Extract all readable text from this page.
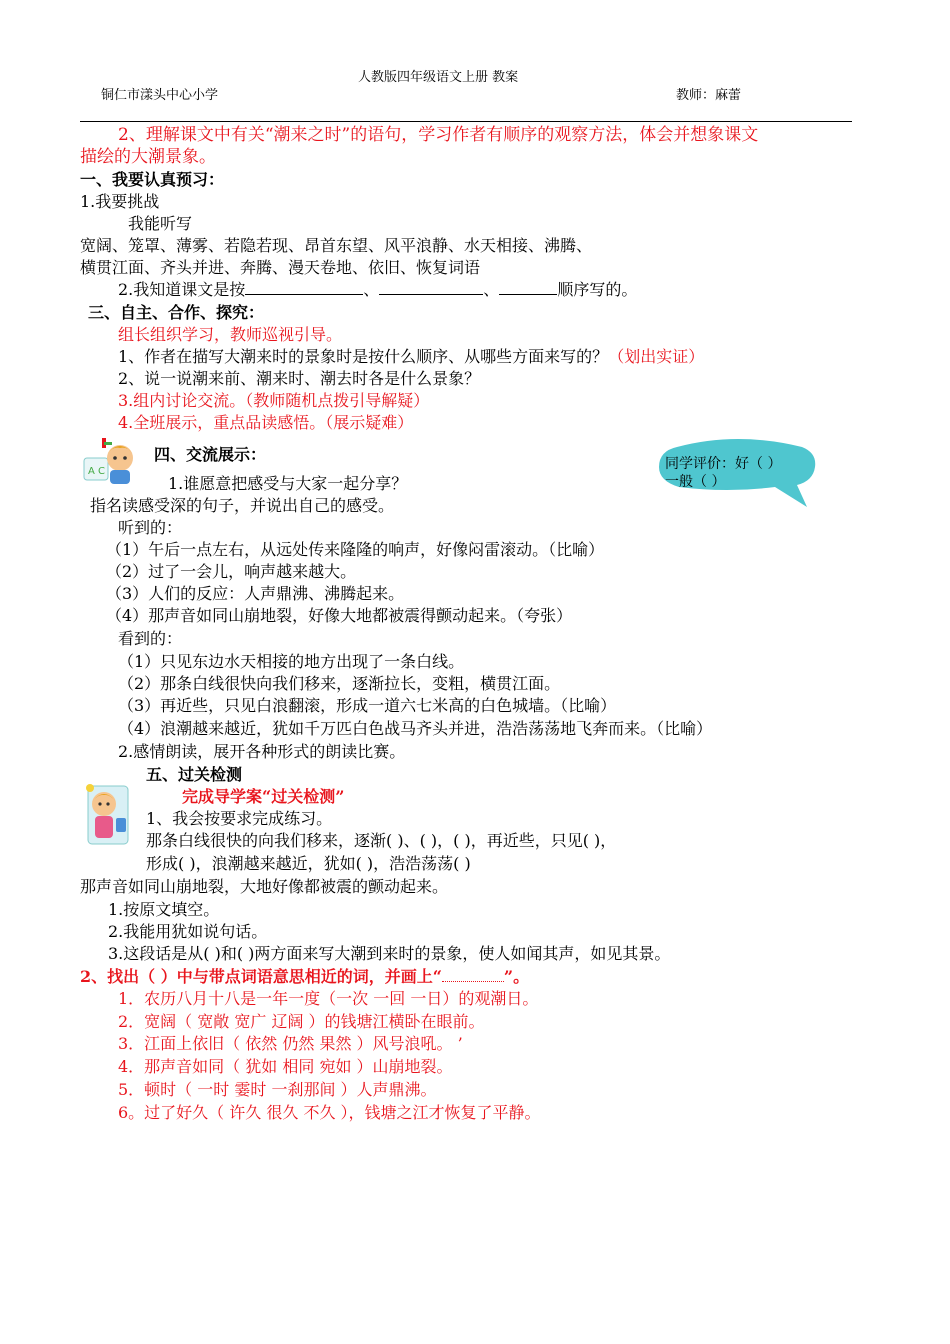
人教版四年级语文上册 教案
铜仁市漾头中心小学	教师：麻蕾
2、理解课文中有关“潮来之时”的语句，学习作者有顺序的观察方法，体会并想象课文
描绘的大潮景象。
一、我要认真预习：
1.我要挑战
我能听写
宽阔、笼罩、薄雾、若隐若现、昂首东望、风平浪静、水天相接、沸腾、
横贯江面、齐头并进、奔腾、漫天卷地、依旧、恢复词语
2.我知道课文是按	、	、	顺序写的。
三、自主、合作、探究：
组长组织学习，教师巡视引导。
1、作者在描写大潮来时的景象时是按什么顺序、从哪些方面来写的？（划出实证）
2、说一说潮来前、潮来时、潮去时各是什么景象？
3.组内讨论交流。（教师随机点拨引导解疑）
4.全班展示，重点品读感悟。（展示疑难）
A C
四、交流展示：	同学评价：好（ ）
一般（ ）
1.谁愿意把感受与大家一起分享？
指名读感受深的句子，并说出自己的感受。
听到的：
（1）午后一点左右，从远处传来隆隆的响声，好像闷雷滚动。（比喻）
（2）过了一会儿，响声越来越大。
（3）人们的反应：人声鼎沸、沸腾起来。
（4）那声音如同山崩地裂，好像大地都被震得颤动起来。（夸张）
看到的：
（1）只见东边水天相接的地方出现了一条白线。
（2）那条白线很快向我们移来，逐渐拉长，变粗，横贯江面。
（3）再近些，只见白浪翻滚，形成一道六七米高的白色城墙。（比喻）
（4）浪潮越来越近，犹如千万匹白色战马齐头并进，浩浩荡荡地飞奔而来。（比喻）
2.感情朗读，展开各种形式的朗读比赛。
五、过关检测
完成导学案“过关检测”
1、我会按要求完成练习。
那条白线很快的向我们移来，逐渐( )、( )，( )，再近些，只见( )，
形成( )，浪潮越来越近，犹如( )，浩浩荡荡( )
那声音如同山崩地裂，大地好像都被震的颤动起来。
1.按原文填空。
2.我能用犹如说句话。
3.这段话是从( )和( )两方面来写大潮到来时的景象，使人如闻其声，如见其景。
2、找出（ ）中与带点词语意思相近的词，并画上“	”。
1．农历八月十八是一年一度（一次 一回 一日）的观潮日。
2．宽阔（ 宽敞 宽广 辽阔 ）的钱塘江横卧在眼前。
3．江面上依旧（ 依然 仍然 果然 ）风号浪吼。 ’
4．那声音如同（ 犹如 相同 宛如 ）山崩地裂。
5．顿时（ 一时 霎时 一刹那间 ）人声鼎沸。
6。过了好久（ 许久 很久 不久 ），钱塘之江才恢复了平静。
